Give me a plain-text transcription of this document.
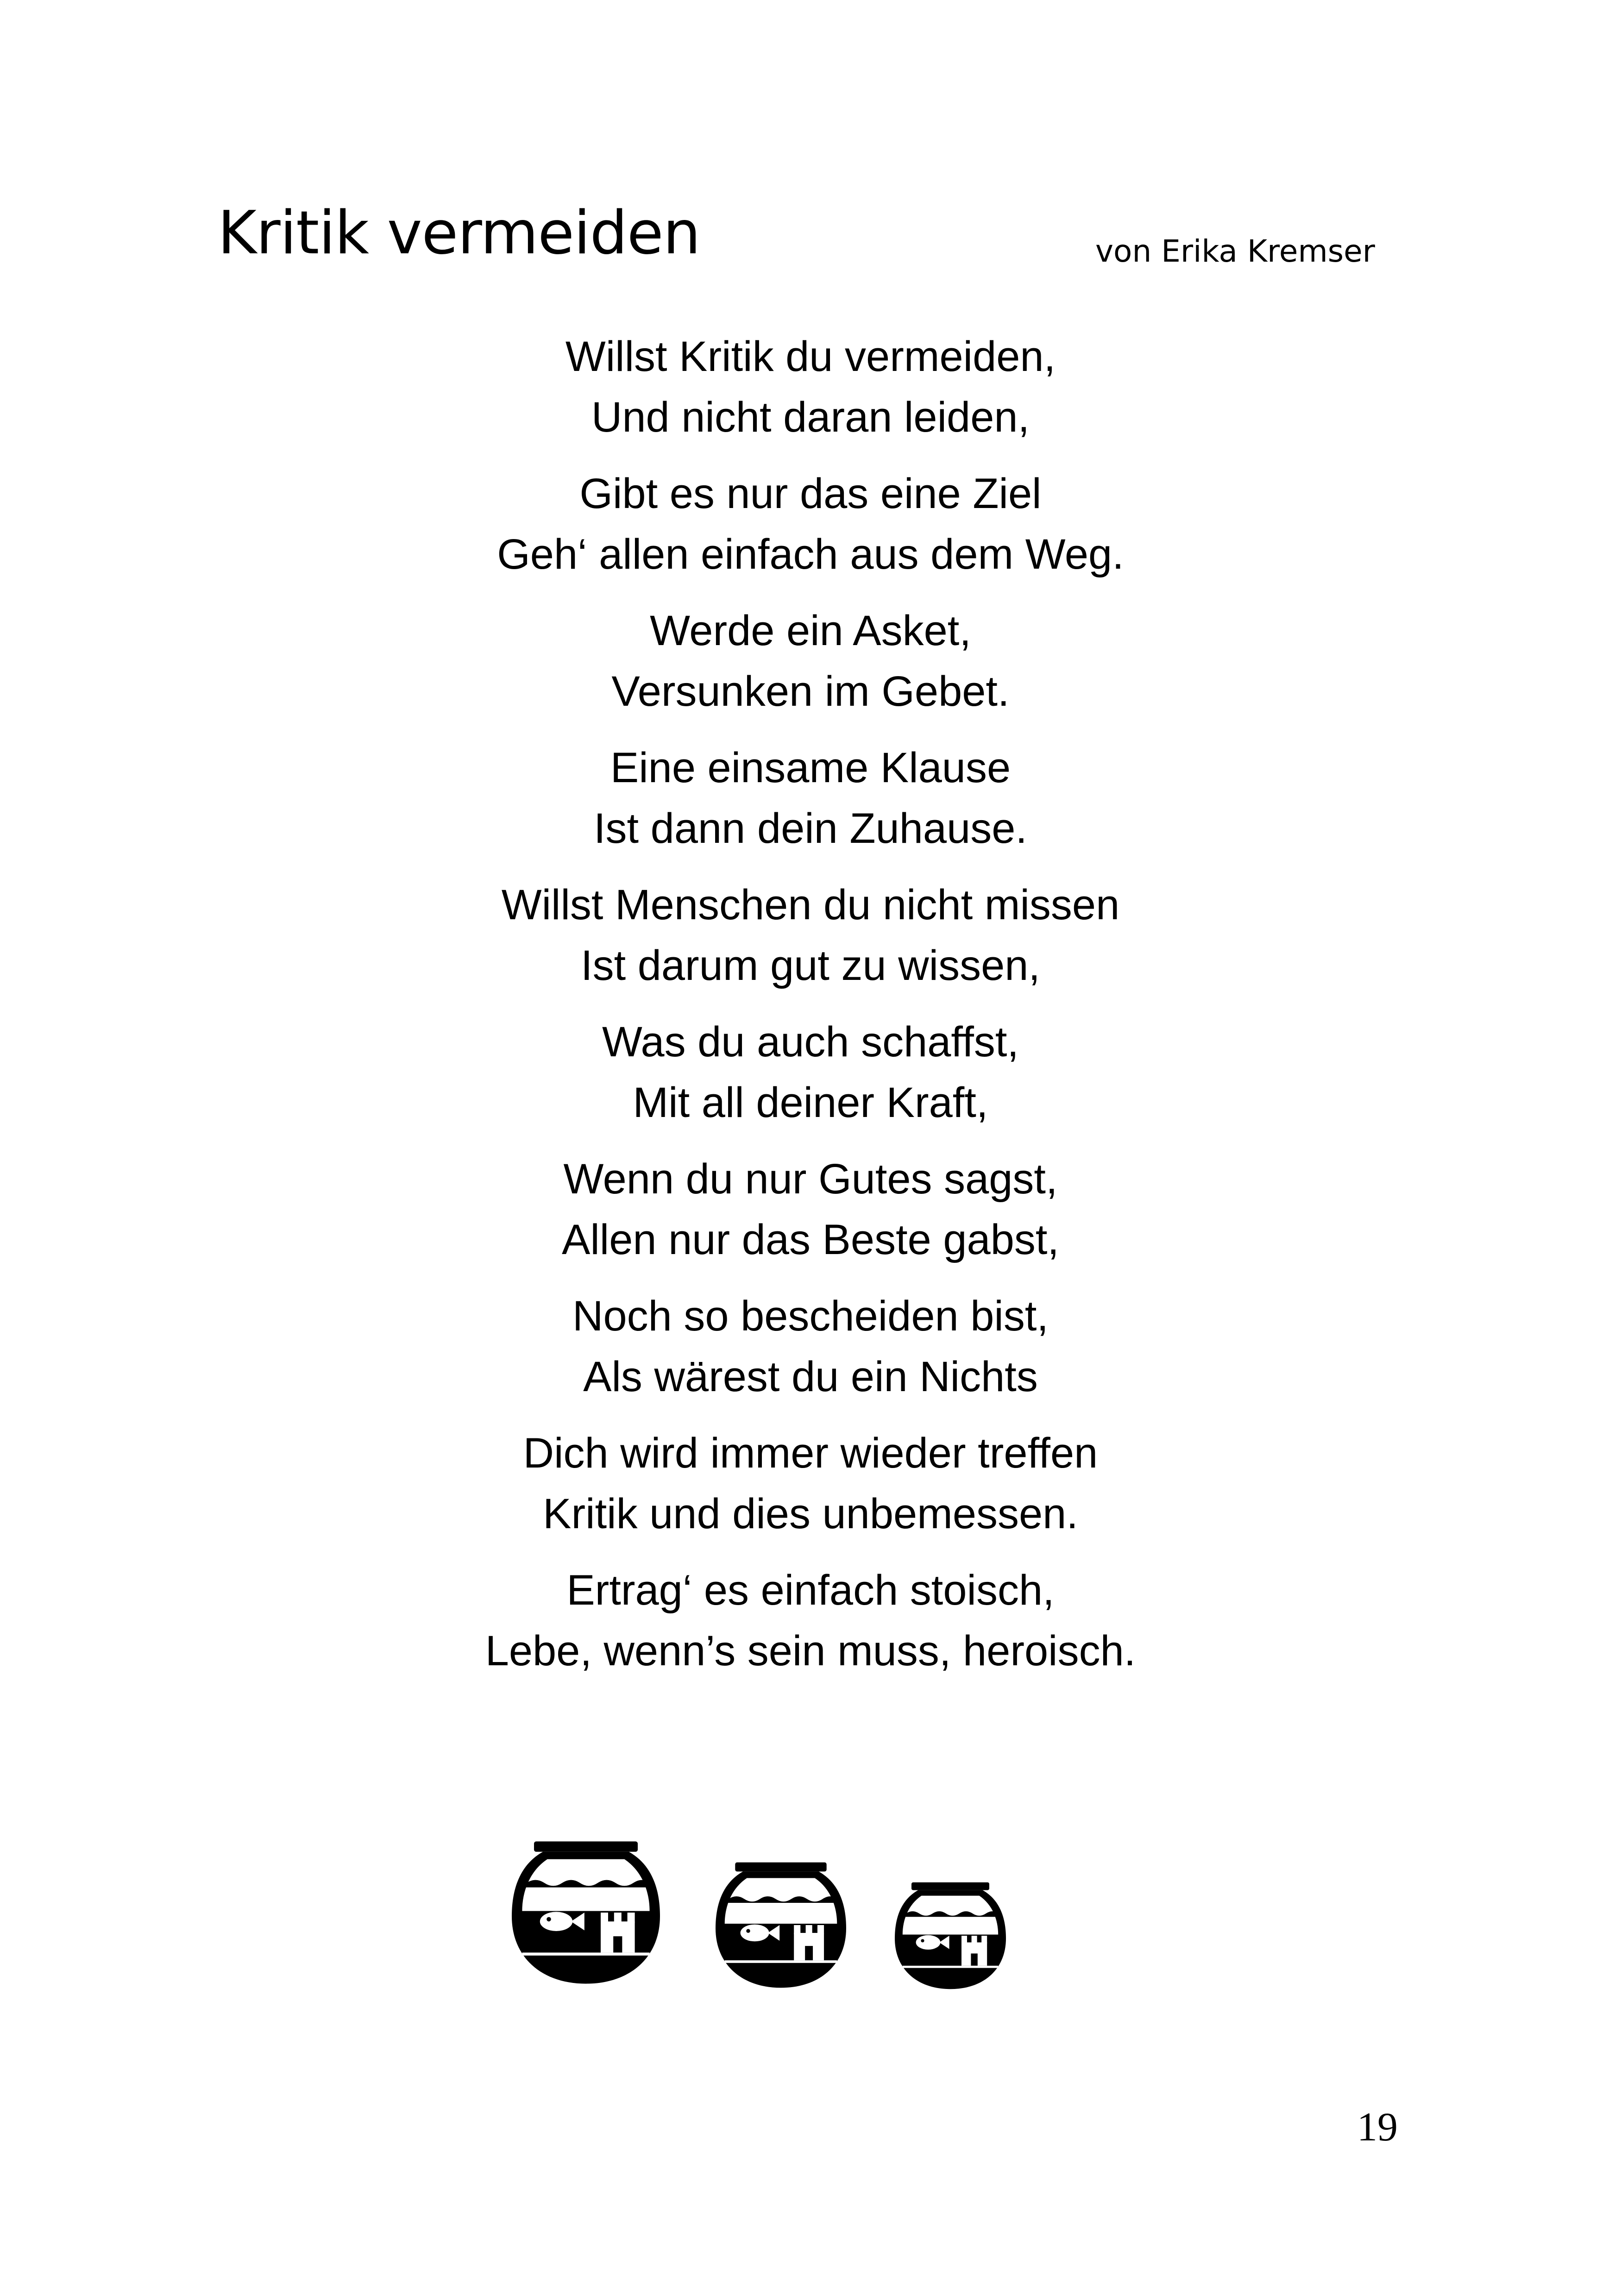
Kritik vermeiden	von Erika Kremser
Willst Kritik du vermeiden,
Und nicht daran leiden,
Gibt es nur das eine Ziel
Geh‘ allen einfach aus dem Weg.
Werde ein Asket,
Versunken im Gebet.
Eine einsame Klause
Ist dann dein Zuhause.
Willst Menschen du nicht missen
Ist darum gut zu wissen,
Was du auch schaffst,
Mit all deiner Kraft,
Wenn du nur Gutes sagst,
Allen nur das Beste gabst,
Noch so bescheiden bist,
Als wärest du ein Nichts
Dich wird immer wieder treffen
Kritik und dies unbemessen.
Ertrag‘ es einfach stoisch,
Lebe, wenn’s sein muss, heroisch.
19
